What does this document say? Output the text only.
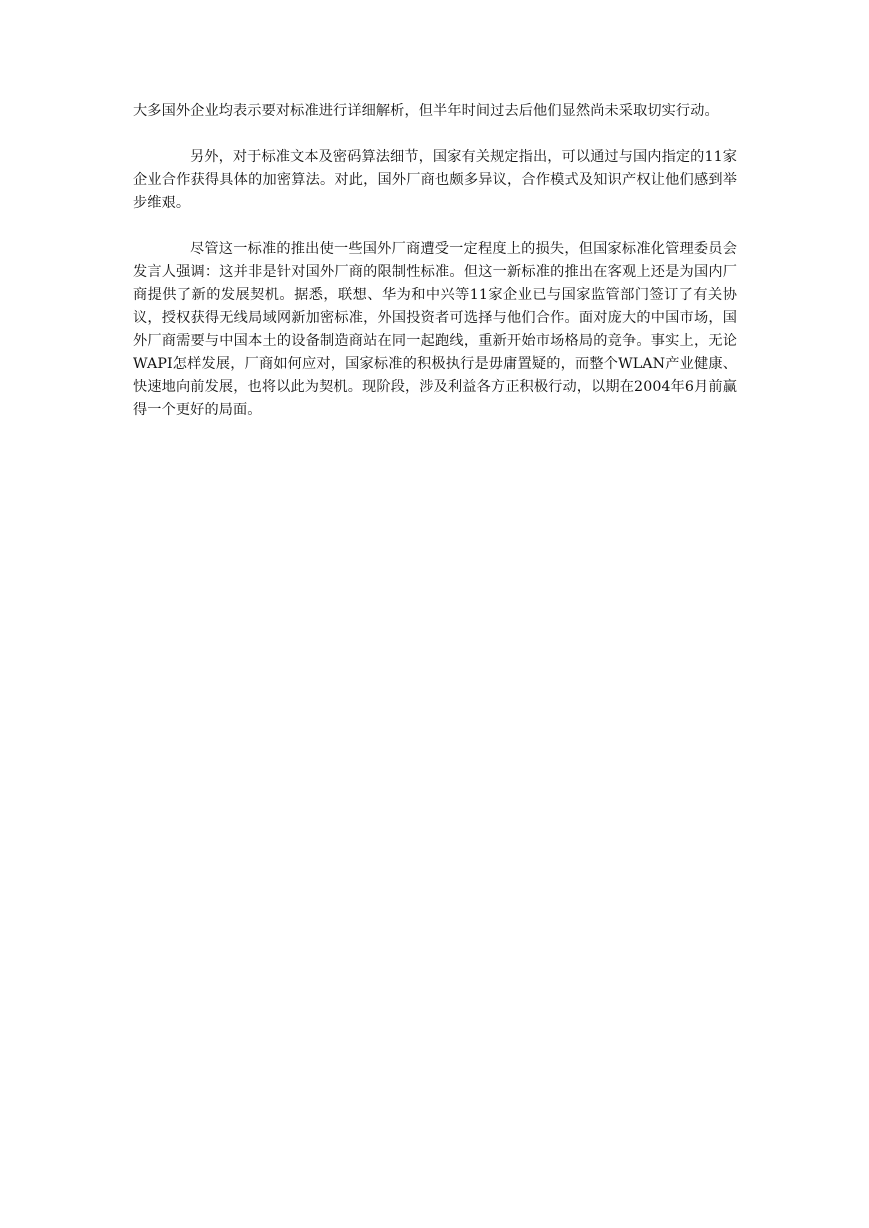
大多国外企业均表示要对标准进行详细解析，但半年时间过去后他们显然尚未采取切实行动。

另外，对于标准文本及密码算法细节，国家有关规定指出，可以通过与国内指定的11家企业合作获得具体的加密算法。对此，国外厂商也颇多异议，合作模式及知识产权让他们感到举步维艰。

尽管这一标准的推出使一些国外厂商遭受一定程度上的损失，但国家标准化管理委员会发言人强调：这并非是针对国外厂商的限制性标准。但这一新标准的推出在客观上还是为国内厂商提供了新的发展契机。据悉，联想、华为和中兴等11家企业已与国家监管部门签订了有关协议，授权获得无线局域网新加密标准，外国投资者可选择与他们合作。面对庞大的中国市场，国外厂商需要与中国本土的设备制造商站在同一起跑线，重新开始市场格局的竞争。事实上，无论WAPI怎样发展，厂商如何应对，国家标准的积极执行是毋庸置疑的，而整个WLAN产业健康、快速地向前发展，也将以此为契机。现阶段，涉及利益各方正积极行动，以期在2004年6月前赢得一个更好的局面。
